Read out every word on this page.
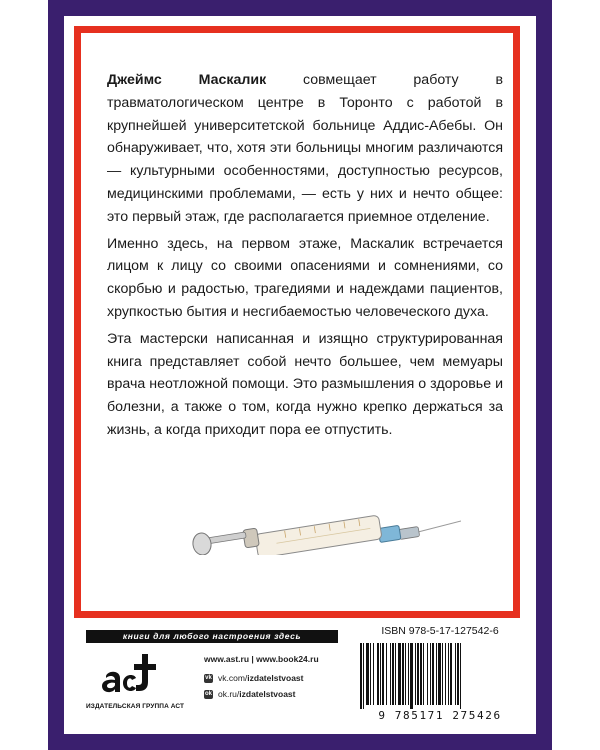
Джеймс Маскалик совмещает работу в травматологическом центре в Торонто с работой в крупнейшей университетской больнице Аддис-Абебы. Он обнаруживает, что, хотя эти больницы многим различаются — культурными особенностями, доступностью ресурсов, медицинскими проблемами, — есть у них и нечто общее: это первый этаж, где располагается приемное отделение.

Именно здесь, на первом этаже, Маскалик встречается лицом к лицу со своими опасениями и сомнениями, со скорбью и радостью, трагедиями и надеждами пациентов, хрупкостью бытия и несгибаемостью человеческого духа.

Эта мастерски написанная и изящно структурированная книга представляет собой нечто большее, чем мемуары врача неотложной помощи. Это размышления о здоровье и болезни, а также о том, когда нужно крепко держаться за жизнь, а когда приходит пора ее отпустить.

книги для любого настроения здесь
ИЗДАТЕЛЬСКАЯ ГРУППА АСТ
www.ast.ru | www.book24.ru
vk vk.com/ izdatelstvoast
ok ok.ru/ izdatelstvoast
ISBN 978-5-17-127542-6
9 785171 275426
